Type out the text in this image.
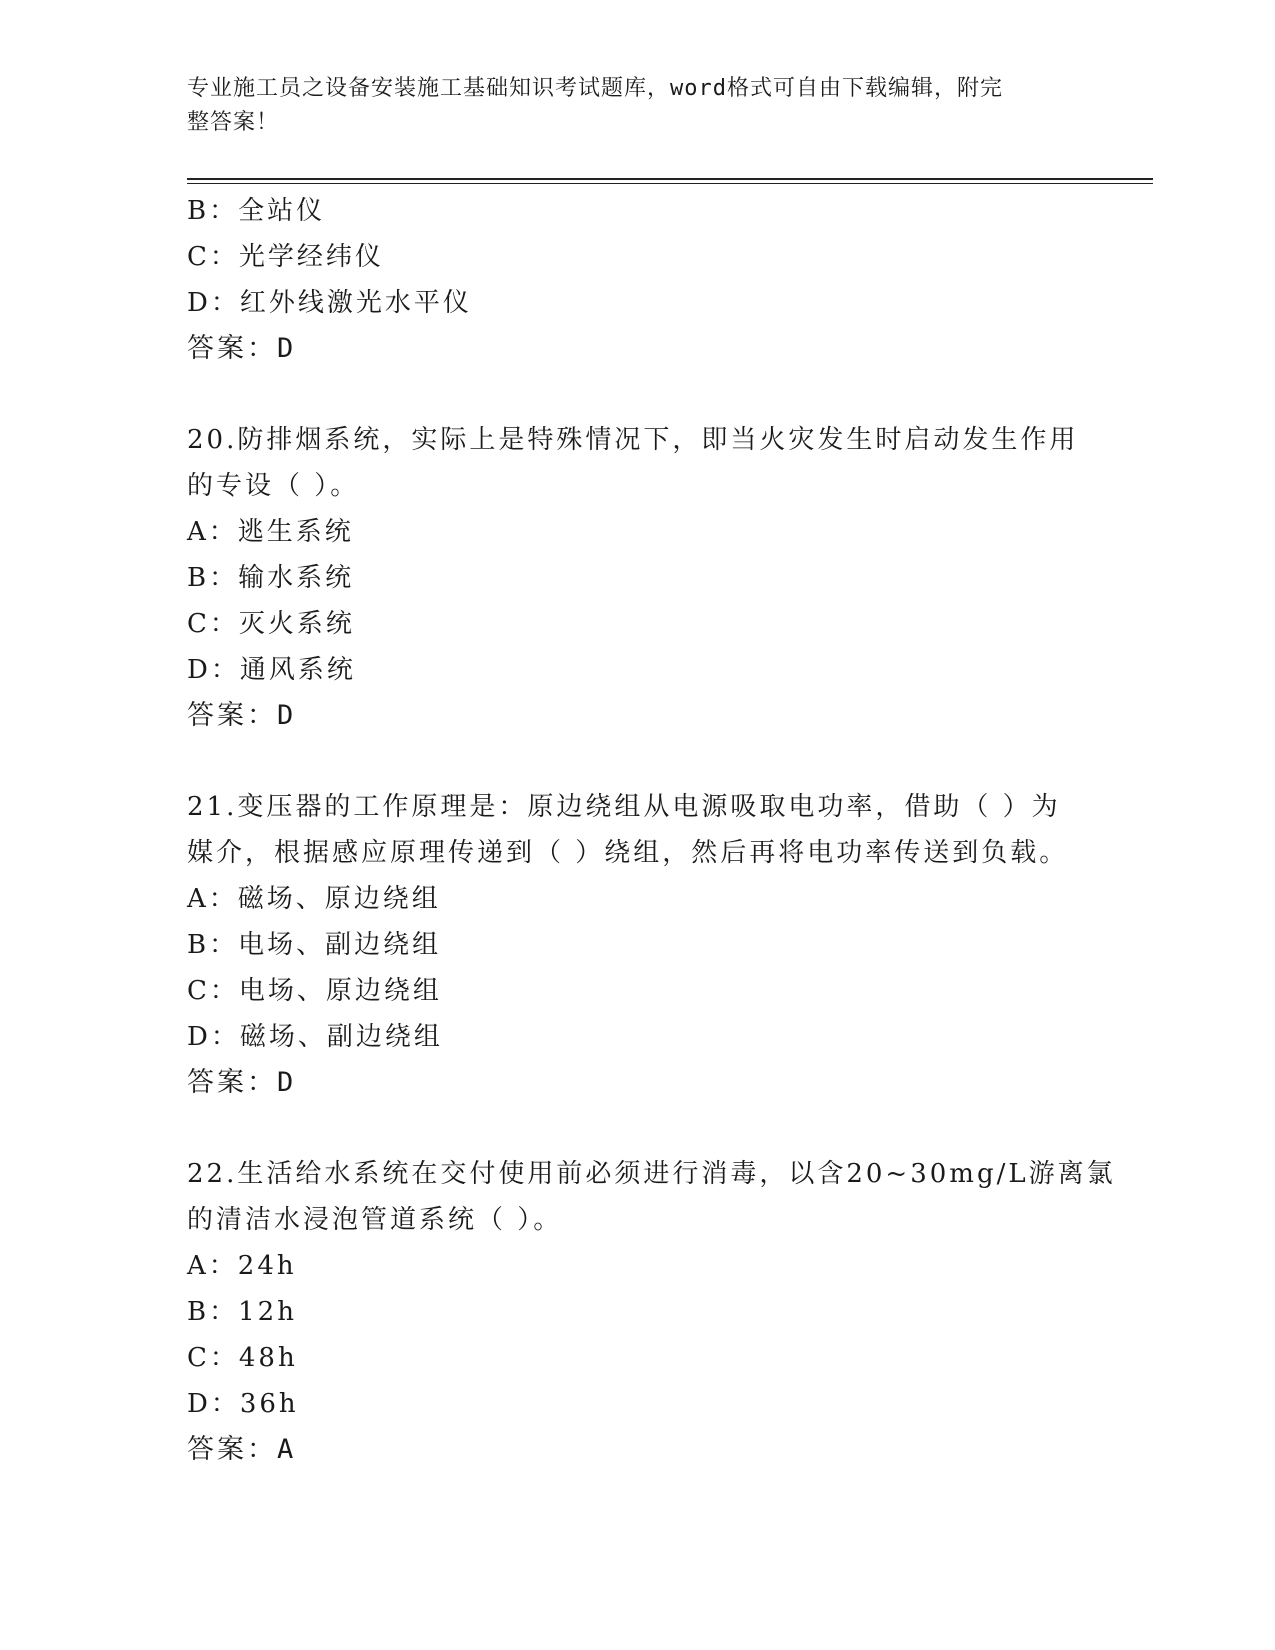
专业施工员之设备安装施工基础知识考试题库，word格式可自由下载编辑，附完
整答案！
B：全站仪
C：光学经纬仪
D：红外线激光水平仪
答案：D
20.防排烟系统，实际上是特殊情况下，即当火灾发生时启动发生作用
的专设（ ）。
A：逃生系统
B：输水系统
C：灭火系统
D：通风系统
答案：D
21.变压器的工作原理是：原边绕组从电源吸取电功率，借助（ ）为
媒介，根据感应原理传递到（ ）绕组，然后再将电功率传送到负载。
A：磁场、原边绕组
B：电场、副边绕组
C：电场、原边绕组
D：磁场、副边绕组
答案：D
22.生活给水系统在交付使用前必须进行消毒，以含20~30mg/L游离氯
的清洁水浸泡管道系统（ ）。
A：24h
B：12h
C：48h
D：36h
答案：A
